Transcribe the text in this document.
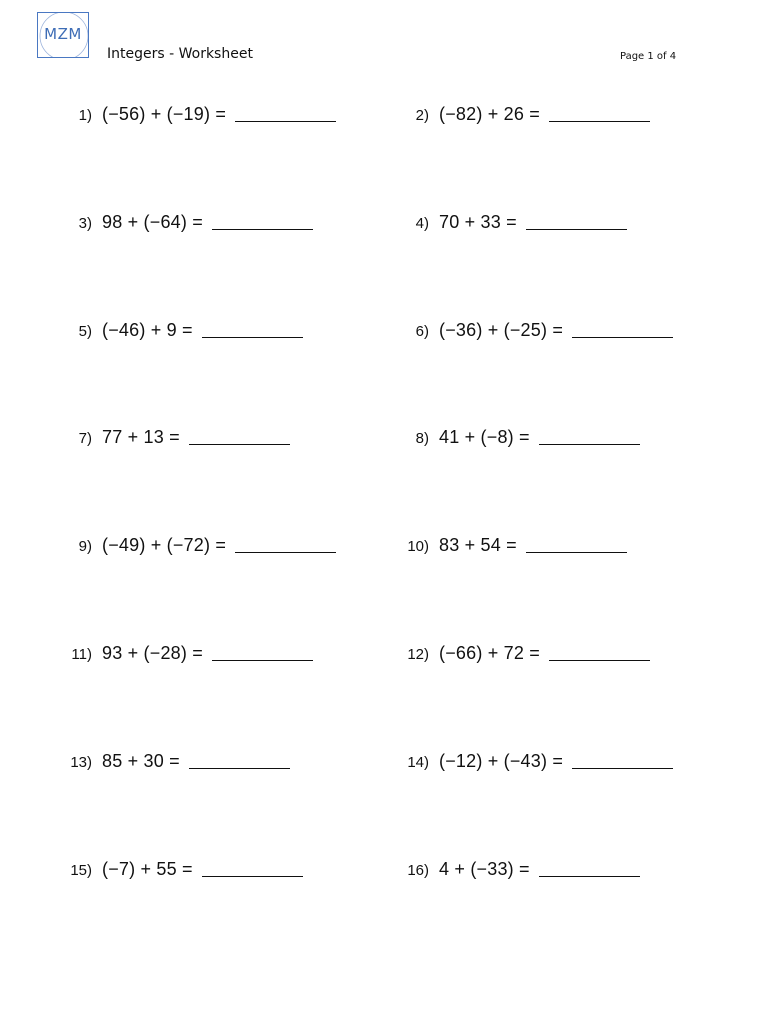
MZM
Integers - Worksheet	Page 1 of 4
1) (−56) + (−19) =	2) (−82) + 26 =
3) 98 + (−64) =	4) 70 + 33 =
5) (−46) + 9 =	6) (−36) + (−25) =
7) 77 + 13 =	8) 41 + (−8) =
9) (−49) + (−72) =	10) 83 + 54 =
11) 93 + (−28) =	12) (−66) + 72 =
13) 85 + 30 =	14) (−12) + (−43) =
15) (−7) + 55 =	16) 4 + (−33) =
